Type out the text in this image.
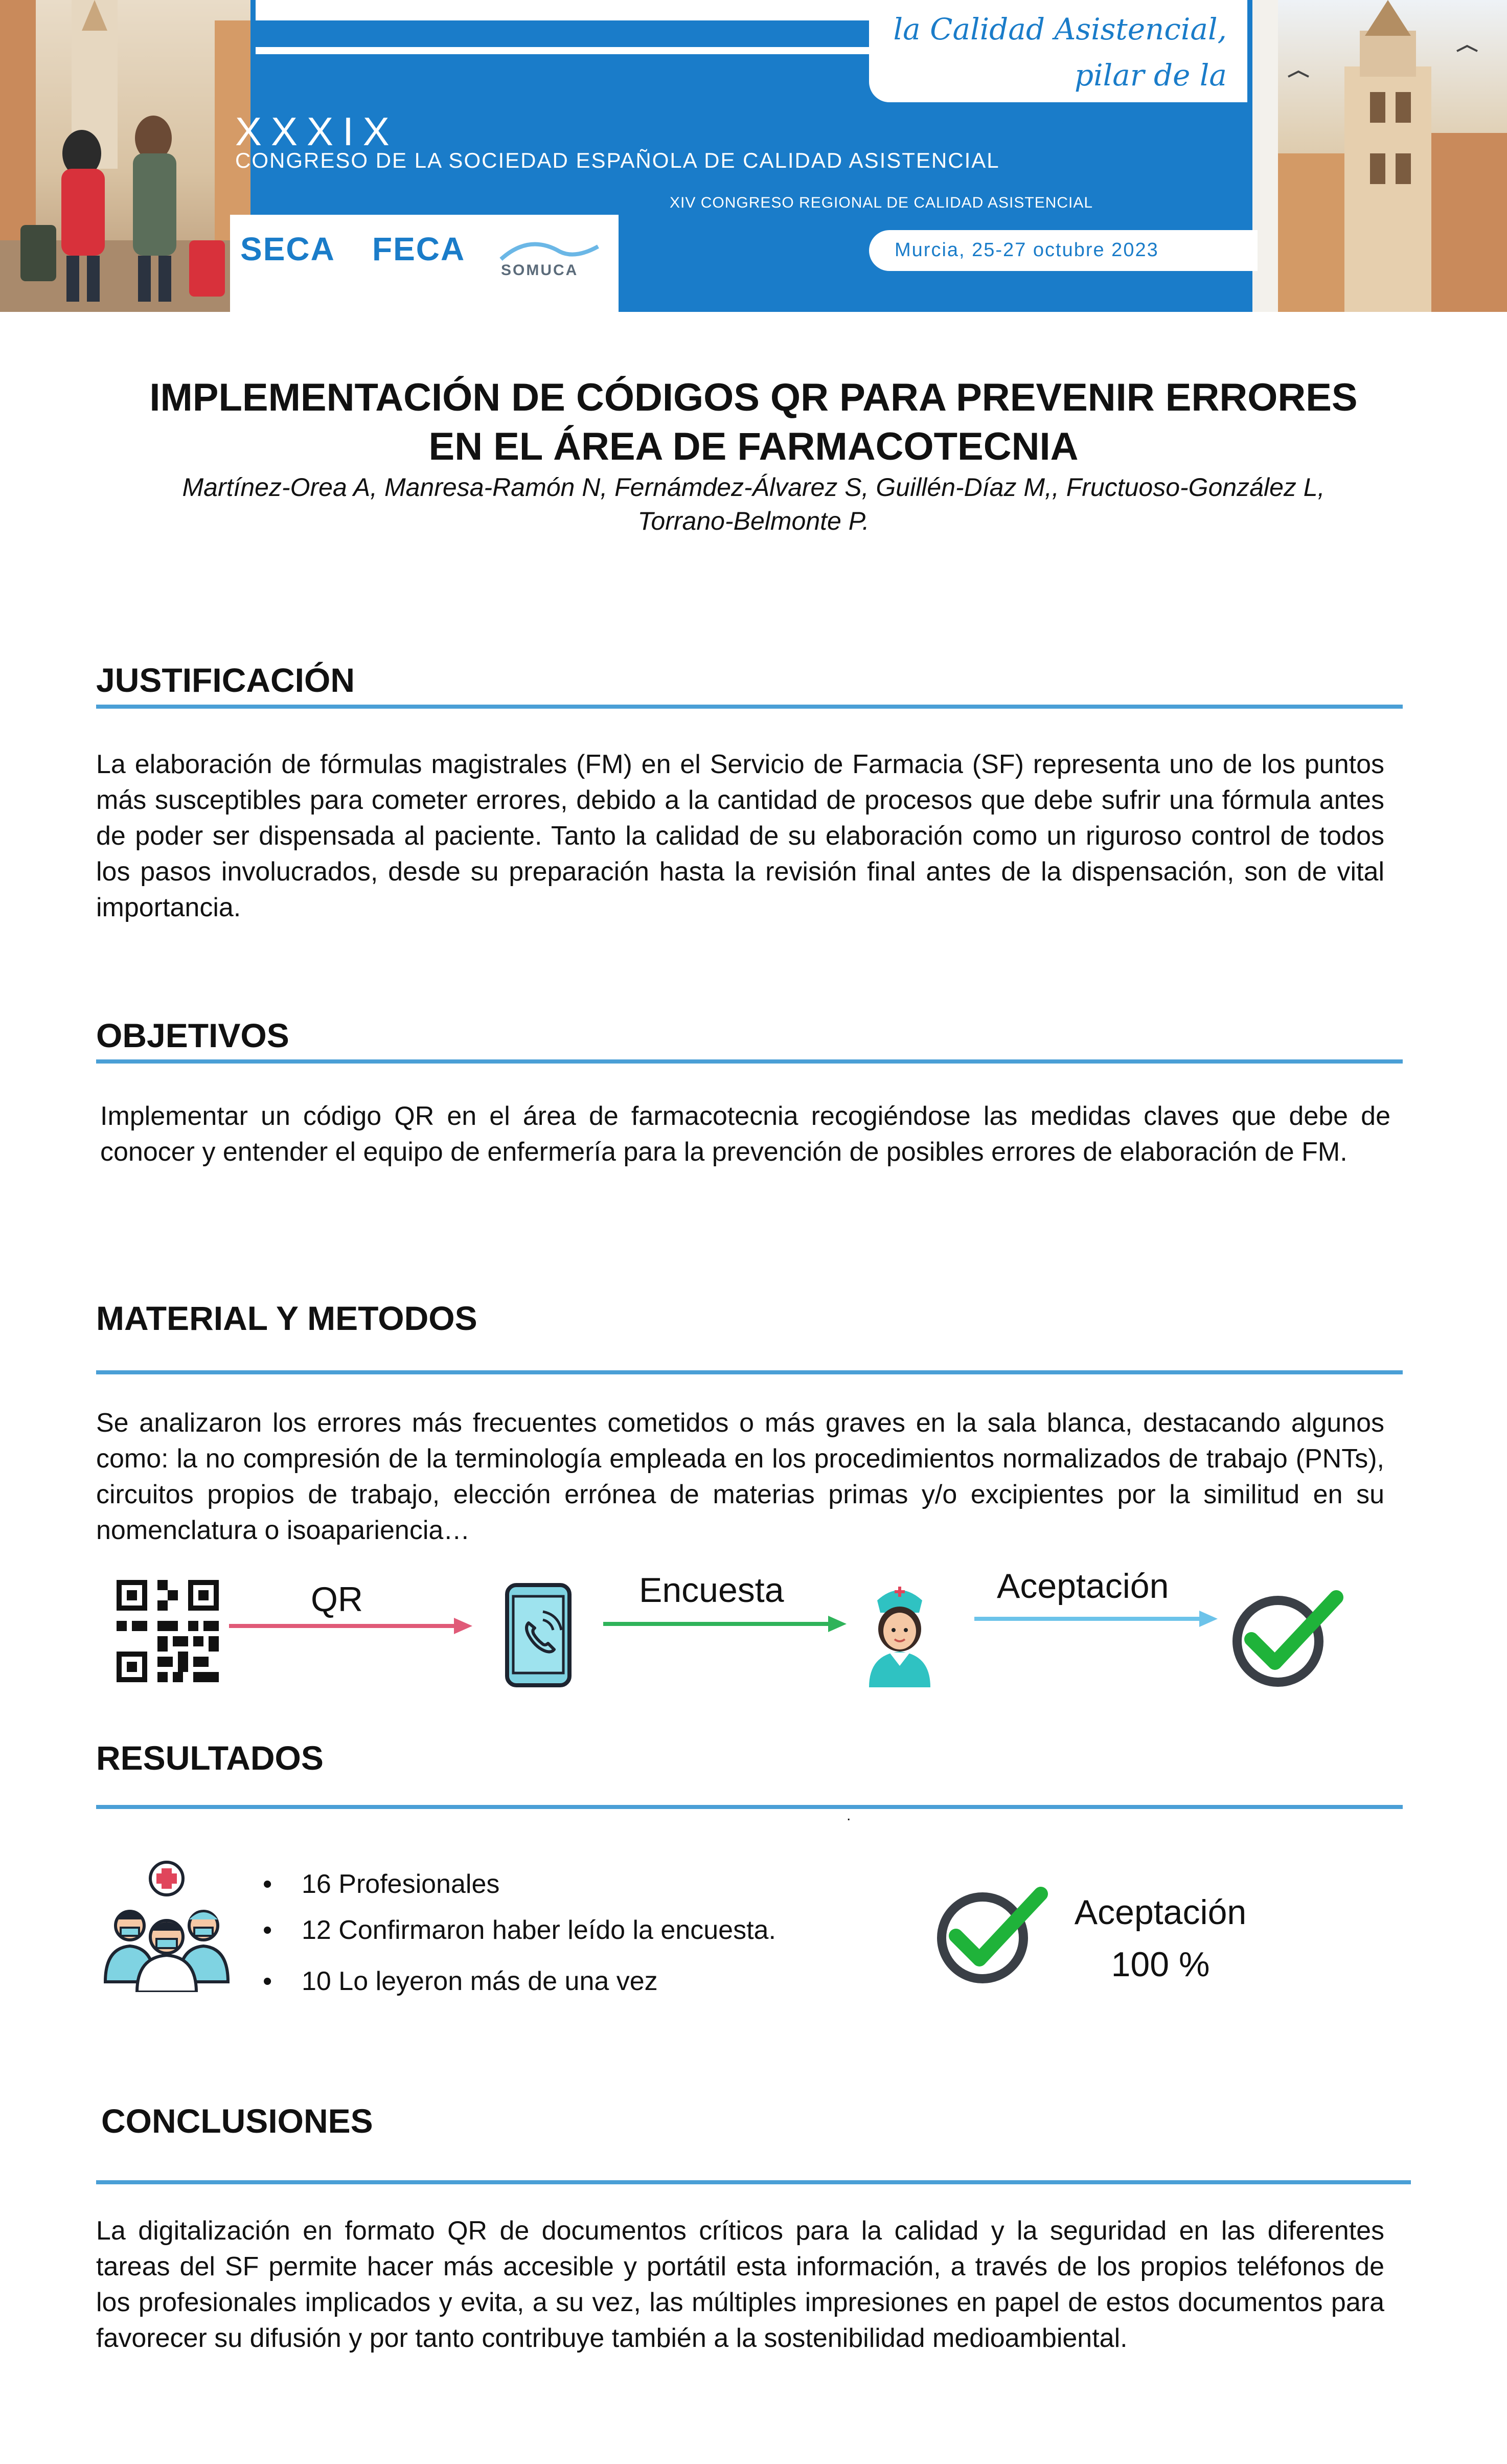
la Calidad Asistencial,
pilar de la sostenibilidad
XXXIX
CONGRESO DE LA SOCIEDAD ESPAÑOLA DE CALIDAD ASISTENCIAL
XIV CONGRESO REGIONAL DE CALIDAD ASISTENCIAL
SECA FECA
SOMUCA
Murcia, 25-27 octubre 2023
IMPLEMENTACIÓN DE CÓDIGOS QR PARA PREVENIR ERRORES
EN EL ÁREA DE FARMACOTECNIA
Martínez-Orea A, Manresa-Ramón N, Fernámdez-Álvarez S, Guillén-Díaz M,, Fructuoso-González L,
Torrano-Belmonte P.
JUSTIFICACIÓN

La elaboración de fórmulas magistrales (FM) en el Servicio de Farmacia (SF) representa uno de los puntos más susceptibles para cometer errores, debido a la cantidad de procesos que debe sufrir una fórmula antes de poder ser dispensada al paciente. Tanto la calidad de su elaboración como un riguroso control de todos los pasos involucrados, desde su preparación hasta la revisión final antes de la dispensación, son de vital importancia.

OBJETIVOS

Implementar un código QR en el área de farmacotecnia recogiéndose las medidas claves que debe de conocer y entender el equipo de enfermería para la prevención de posibles errores de elaboración de FM.

MATERIAL Y METODOS

Se analizaron los errores más frecuentes cometidos o más graves en la sala blanca, destacando algunos como: la no compresión de la terminología empleada en los procedimientos normalizados de trabajo (PNTs), circuitos propios de trabajo, elección errónea de materias primas y/o excipientes por la similitud en su nomenclatura o isoapariencia…

QR	Encuesta	Aceptación
RESULTADOS
.
• 16 Profesionales
• 12 Confirmaron haber leído la encuesta.
• 10 Lo leyeron más de una vez
Aceptación
100 %
CONCLUSIONES

La digitalización en formato QR de documentos críticos para la calidad y la seguridad en las diferentes tareas del SF permite hacer más accesible y portátil esta información, a través de los propios teléfonos de los profesionales implicados y evita, a su vez, las múltiples impresiones en papel de estos documentos para favorecer su difusión y por tanto contribuye también a la sostenibilidad medioambiental.
